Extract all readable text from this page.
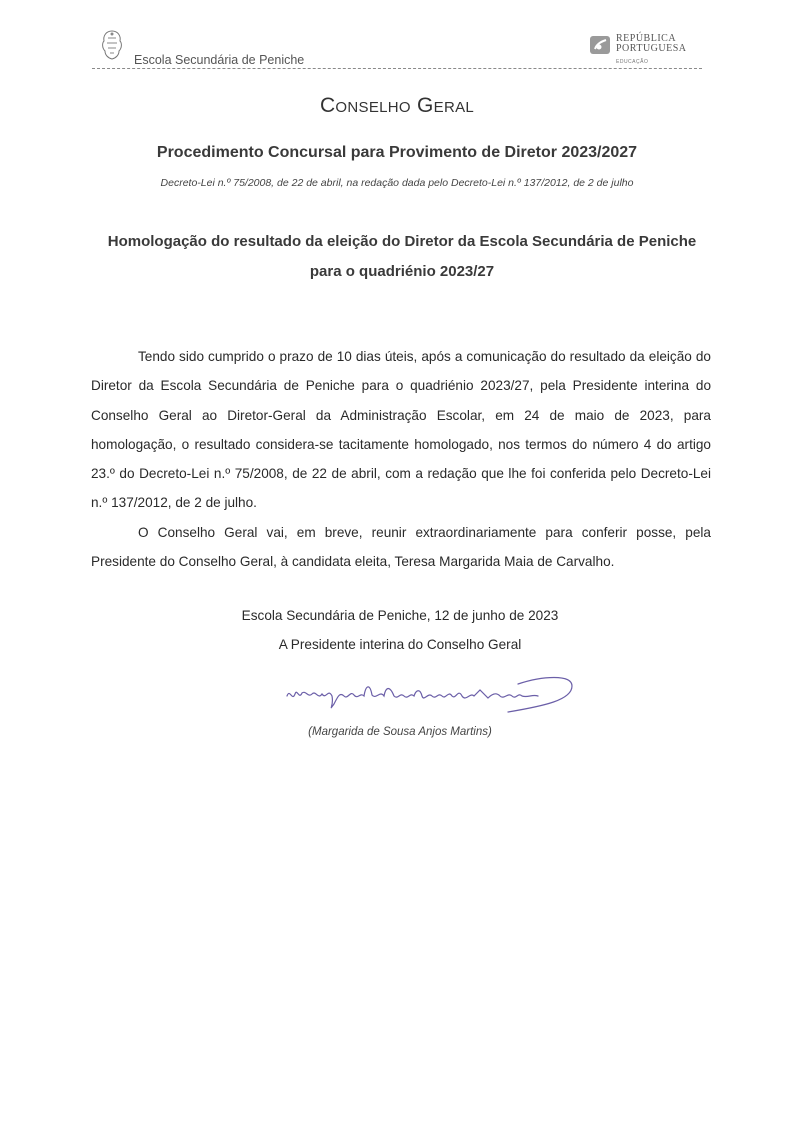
Escola Secundária de Peniche
REPÚBLICA
PORTUGUESA
EDUCAÇÃO
Conselho Geral
Procedimento Concursal para Provimento de Diretor 2023/2027
Decreto-Lei n.º 75/2008, de 22 de abril, na redação dada pelo Decreto-Lei n.º 137/2012, de 2 de julho
Homologação do resultado da eleição do Diretor da Escola Secundária de Peniche
para o quadriénio 2023/27

Tendo sido cumprido o prazo de 10 dias úteis, após a comunicação do resultado da eleição do Diretor da Escola Secundária de Peniche para o quadriénio 2023/27, pela Presidente interina do Conselho Geral ao Diretor-Geral da Administração Escolar, em 24 de maio de 2023, para homologação, o resultado considera-se tacitamente homologado, nos termos do número 4 do artigo 23.º do Decreto-Lei n.º 75/2008, de 22 de abril, com a redação que lhe foi conferida pelo Decreto-Lei n.º 137/2012, de 2 de julho.

O Conselho Geral vai, em breve, reunir extraordinariamente para conferir posse, pela Presidente do Conselho Geral, à candidata eleita, Teresa Margarida Maia de Carvalho.

Escola Secundária de Peniche, 12 de junho de 2023
A Presidente interina do Conselho Geral
(Margarida de Sousa Anjos Martins)
